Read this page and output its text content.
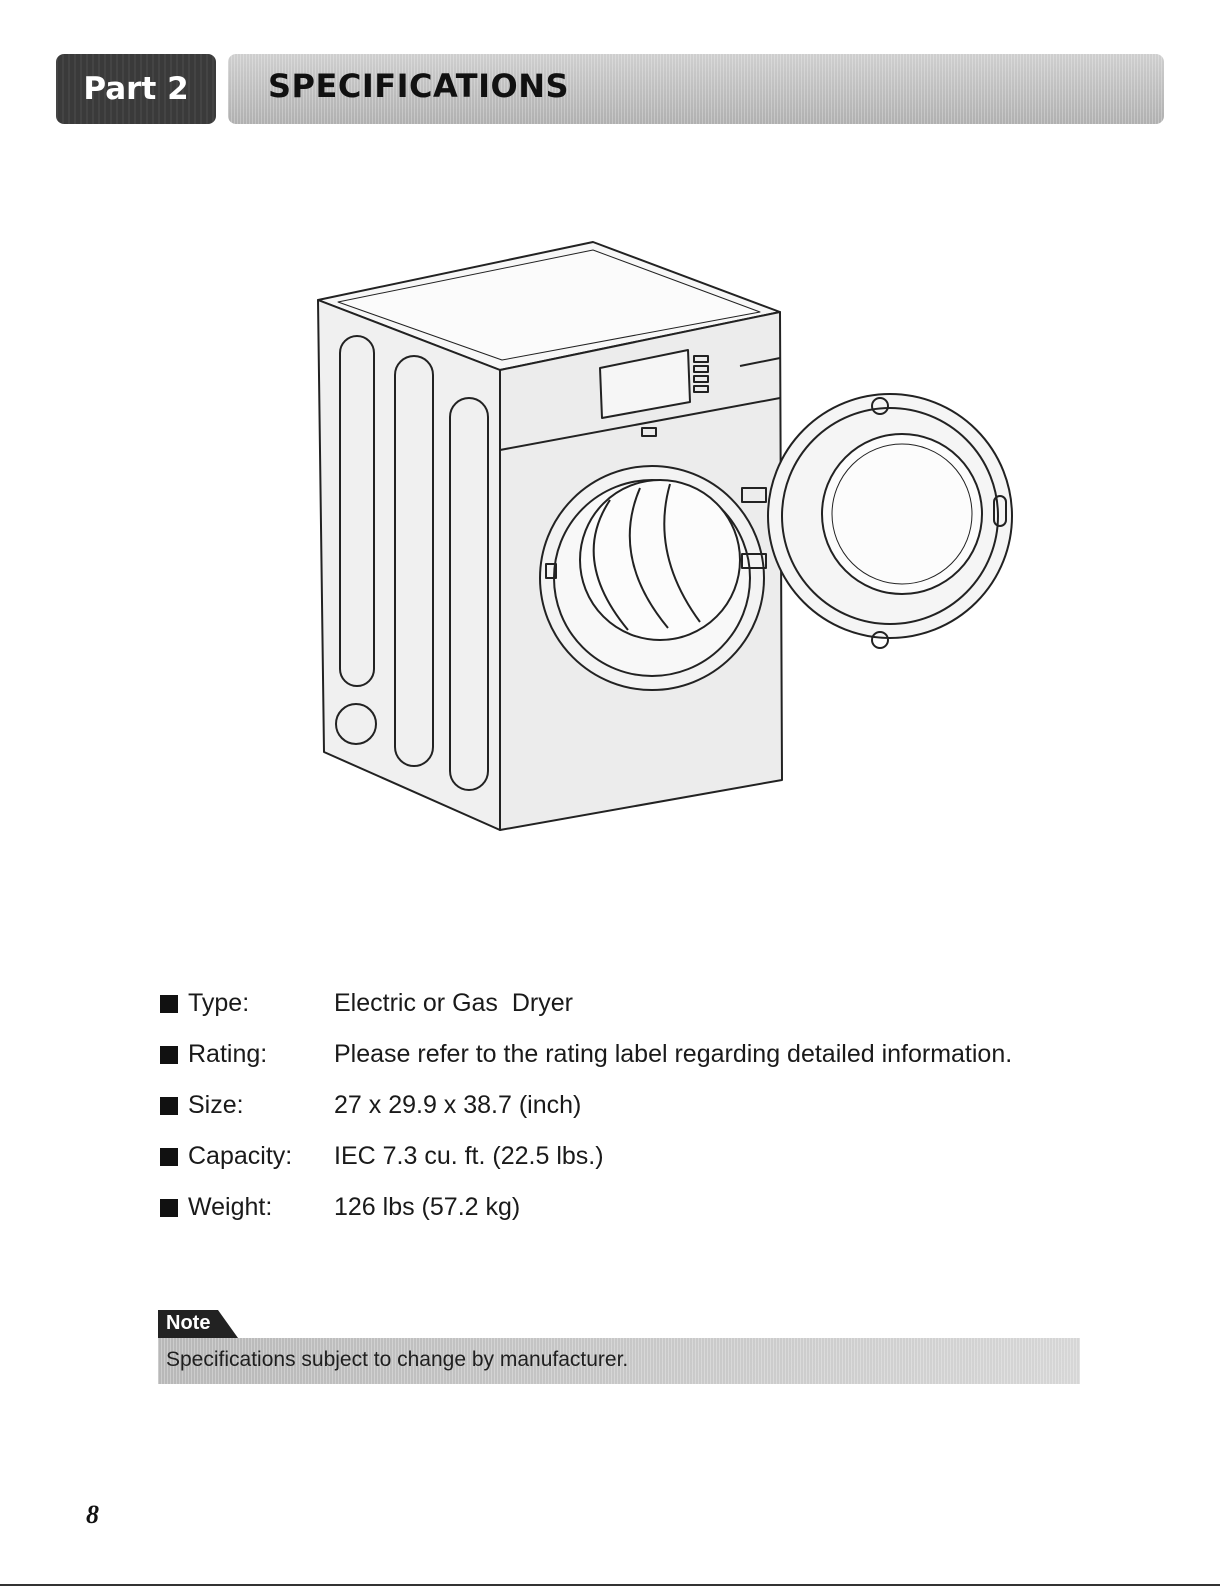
Part 2 SPECIFICATIONS
Type:	Electric or Gas  Dryer
Rating:	Please refer to the rating label regarding detailed information.
Size:	27 x 29.9 x 38.7 (inch)
Capacity:	IEC 7.3 cu. ft. (22.5 lbs.)
Weight:	126 lbs (57.2 kg)
Note
Specifications subject to change by manufacturer.
8
